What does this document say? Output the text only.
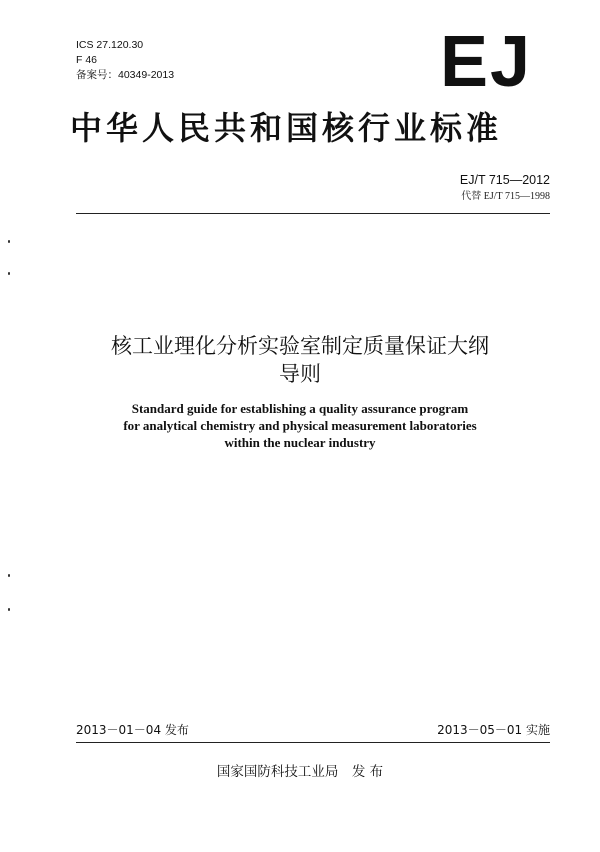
ICS 27.120.30
F 46
备案号：40349-2013	EJ
中华人民共和国核行业标准
EJ/T 715—2012
代替 EJ/T 715—1998
核工业理化分析实验室制定质量保证大纲
导则
Standard guide for establishing a quality assurance program
for analytical chemistry and physical measurement laboratories
within the nuclear industry
2013－01－04 发布	2013－05－01 实施
国家国防科技工业局　发 布
